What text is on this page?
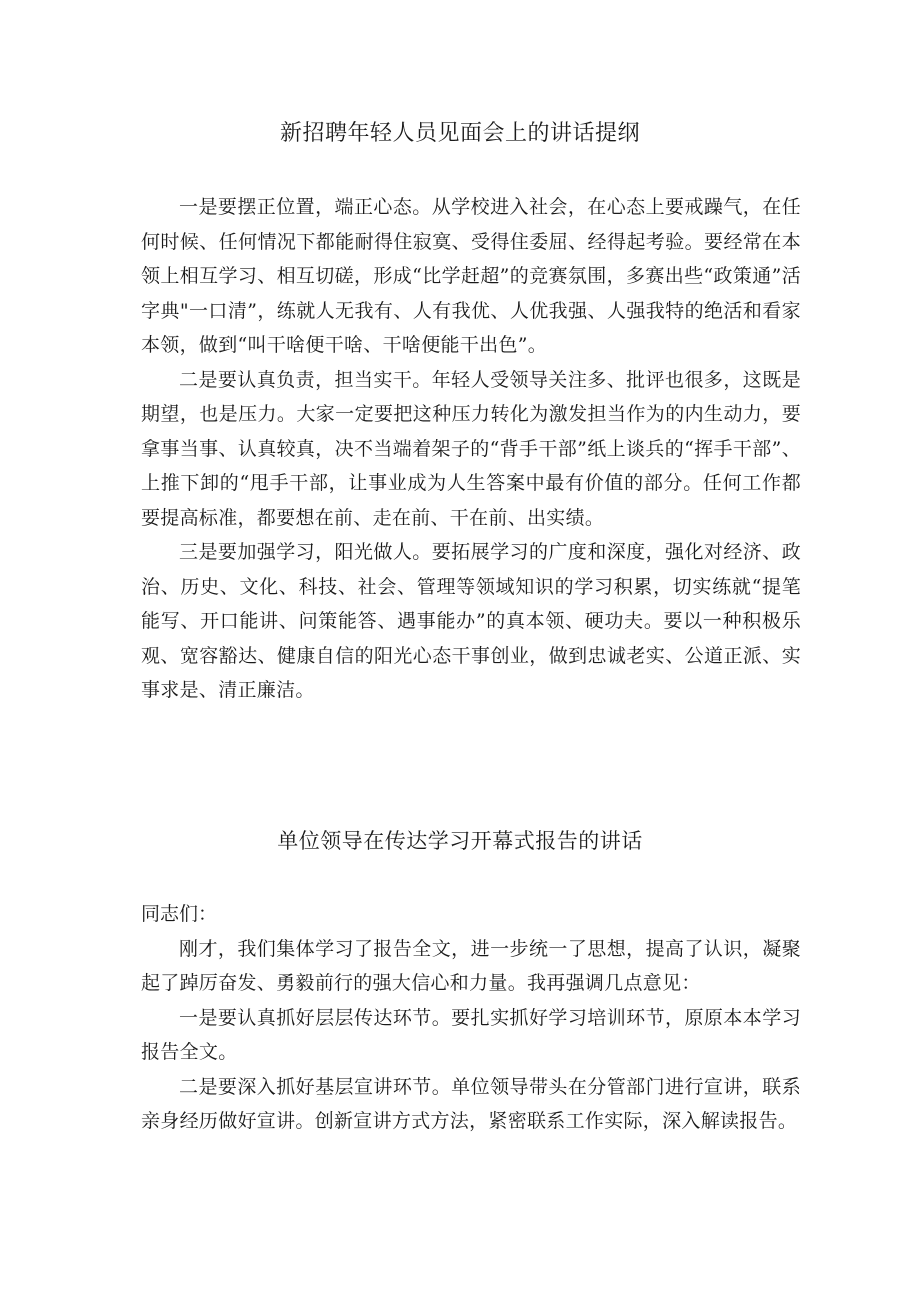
新招聘年轻人员见面会上的讲话提纲

一是要摆正位置，端正心态。从学校进入社会，在心态上要戒躁气，在任何时候、任何情况下都能耐得住寂寞、受得住委屈、经得起考验。要经常在本领上相互学习、相互切磋，形成“比学赶超”的竞赛氛围，多赛出些“政策通”活字典"一口清”，练就人无我有、人有我优、人优我强、人强我特的绝活和看家本领，做到“叫干啥便干啥、干啥便能干出色”。

二是要认真负责，担当实干。年轻人受领导关注多、批评也很多，这既是期望，也是压力。大家一定要把这种压力转化为激发担当作为的内生动力，要拿事当事、认真较真，决不当端着架子的“背手干部”纸上谈兵的“挥手干部”、上推下卸的“甩手干部，让事业成为人生答案中最有价值的部分。任何工作都要提高标准，都要想在前、走在前、干在前、出实绩。

三是要加强学习，阳光做人。要拓展学习的广度和深度，强化对经济、政治、历史、文化、科技、社会、管理等领域知识的学习积累，切实练就“提笔能写、开口能讲、问策能答、遇事能办”的真本领、硬功夫。要以一种积极乐观、宽容豁达、健康自信的阳光心态干事创业，做到忠诚老实、公道正派、实事求是、清正廉洁。

单位领导在传达学习开幕式报告的讲话

同志们：

刚才，我们集体学习了报告全文，进一步统一了思想，提高了认识，凝聚起了踔厉奋发、勇毅前行的强大信心和力量。我再强调几点意见：

一是要认真抓好层层传达环节。要扎实抓好学习培训环节，原原本本学习报告全文。

二是要深入抓好基层宣讲环节。单位领导带头在分管部门进行宣讲，联系亲身经历做好宣讲。创新宣讲方式方法，紧密联系工作实际，深入解读报告。
